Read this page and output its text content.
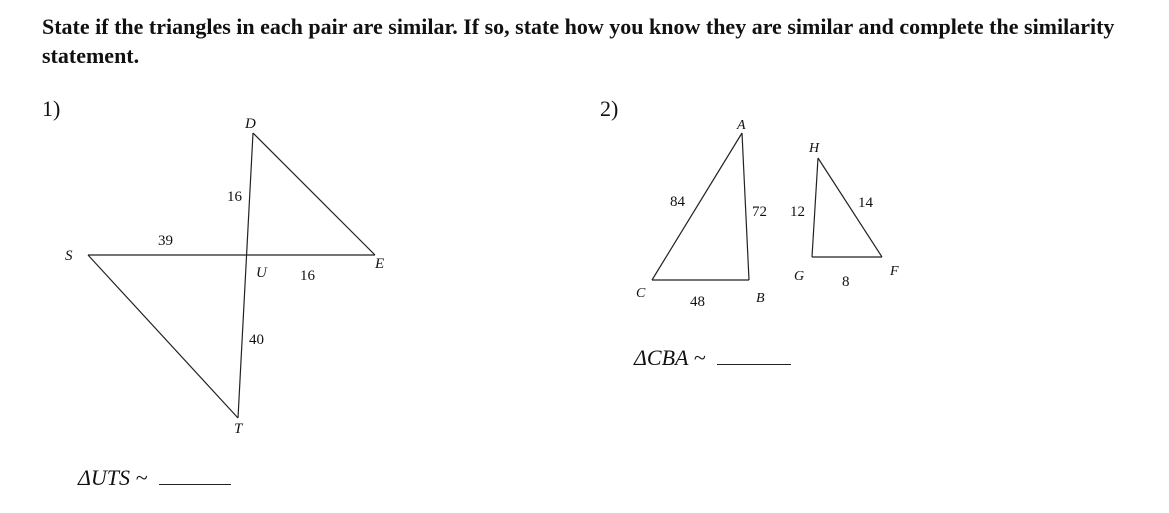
State if the triangles in each pair are similar. If so, state how you know they are similar and complete the similarity statement.

1)	2)
D
S
U
E
T
16
39
16
40
A
C	B
H
G	F
84
72
48
12
14
8
ΔUTS ~
ΔCBA ~
